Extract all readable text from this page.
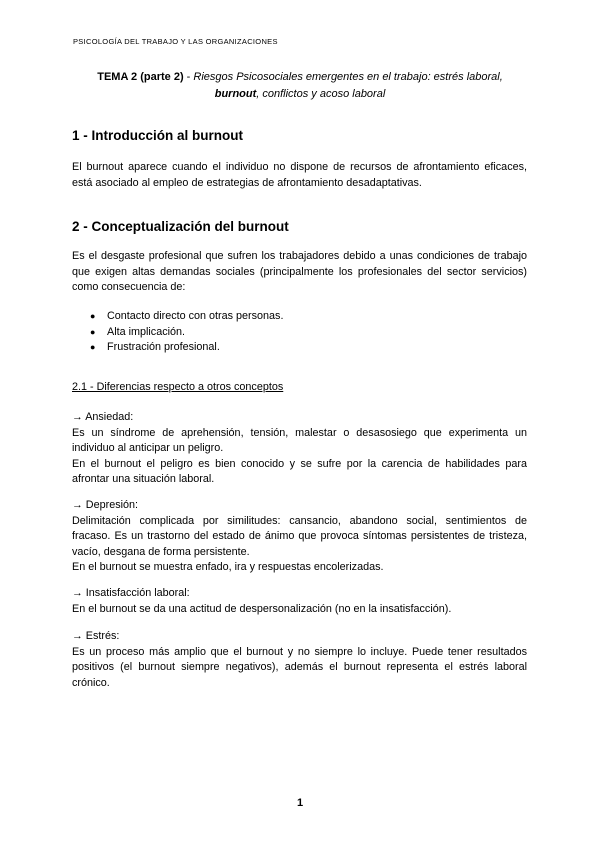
PSICOLOGÍA DEL TRABAJO Y LAS ORGANIZACIONES
TEMA 2 (parte 2) - Riesgos Psicosociales emergentes en el trabajo: estrés laboral,
burnout, conflictos y acoso laboral
1 - Introducción al burnout

El burnout aparece cuando el individuo no dispone de recursos de afrontamiento eficaces,
está asociado al empleo de estrategias de afrontamiento desadaptativas.

2 - Conceptualización del burnout

Es el desgaste profesional que sufren los trabajadores debido a unas condiciones de trabajo
que exigen altas demandas sociales (principalmente los profesionales del sector servicios)
como consecuencia de:

● Contacto directo con otras personas.
● Alta implicación.
● Frustración profesional.
2.1 - Diferencias respecto a otros conceptos

→ Ansiedad:
Es un síndrome de aprehensión, tensión, malestar o desasosiego que experimenta un
individuo al anticipar un peligro.
En el burnout el peligro es bien conocido y se sufre por la carencia de habilidades para
afrontar una situación laboral.

→ Depresión:
Delimitación complicada por similitudes: cansancio, abandono social, sentimientos de
fracaso. Es un trastorno del estado de ánimo que provoca síntomas persistentes de tristeza,
vacío, desgana de forma persistente.
En el burnout se muestra enfado, ira y respuestas encolerizadas.

→ Insatisfacción laboral:
En el burnout se da una actitud de despersonalización (no en la insatisfacción).

→ Estrés:
Es un proceso más amplio que el burnout y no siempre lo incluye. Puede tener resultados
positivos (el burnout siempre negativos), además el burnout representa el estrés laboral
crónico.

1
